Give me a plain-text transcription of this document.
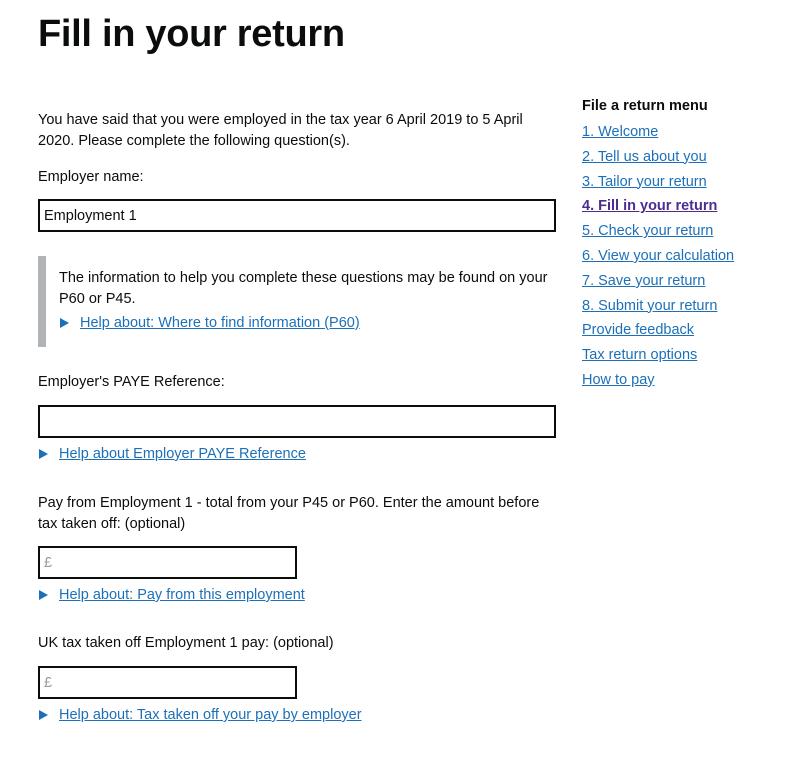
Fill in your return

You have said that you were employed in the tax year 6 April 2019 to 5 April 2020. Please complete the following question(s).

Employer name:

Employment 1

The information to help you complete these questions may be found on your P60 or P45.

Help about: Where to find information (P60)

Employer's PAYE Reference:

Help about Employer PAYE Reference

Pay from Employment 1 - total from your P45 or P60. Enter the amount before tax taken off: (optional)

£
Help about: Pay from this employment

UK tax taken off Employment 1 pay: (optional)

£
Help about: Tax taken off your pay by employer
File a return menu
1. Welcome
2. Tell us about you
3. Tailor your return
4. Fill in your return
5. Check your return
6. View your calculation
7. Save your return
8. Submit your return
Provide feedback
Tax return options
How to pay
